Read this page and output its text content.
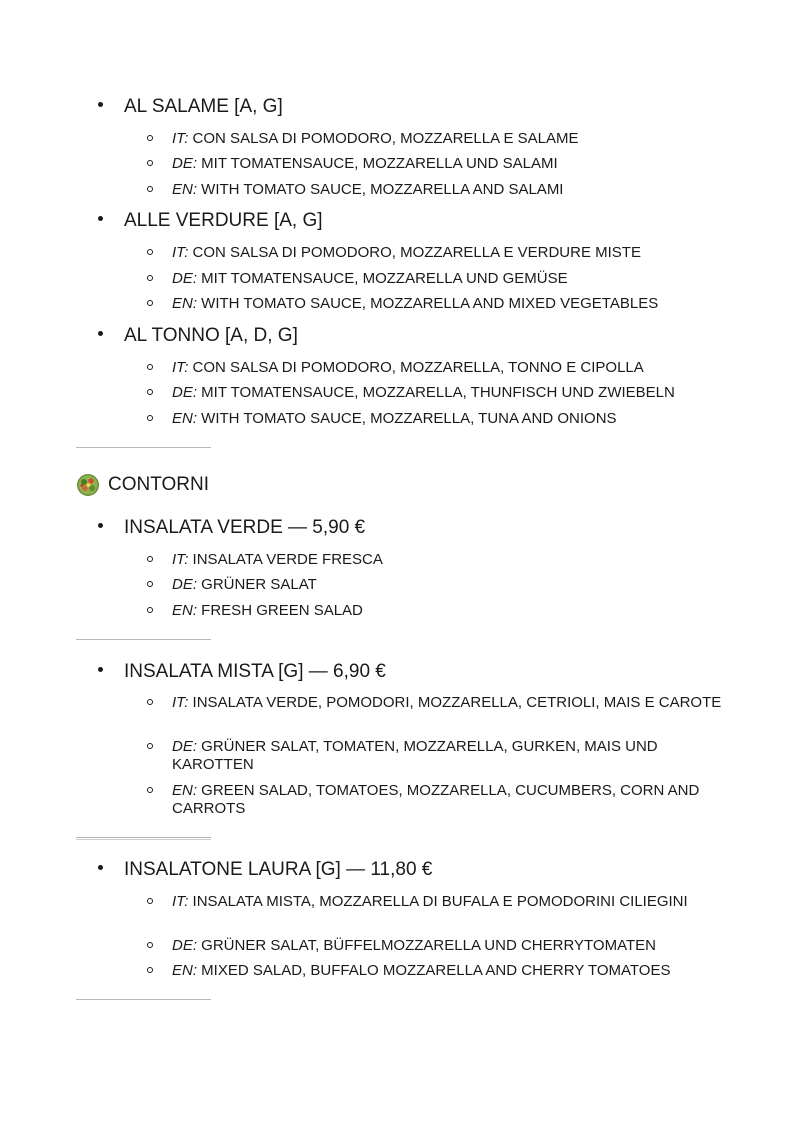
AL SALAME [A, G]
IT: CON SALSA DI POMODORO, MOZZARELLA E SALAME
DE: MIT TOMATENSAUCE, MOZZARELLA UND SALAMI
EN: WITH TOMATO SAUCE, MOZZARELLA AND SALAMI
ALLE VERDURE [A, G]
IT: CON SALSA DI POMODORO, MOZZARELLA E VERDURE MISTE
DE: MIT TOMATENSAUCE, MOZZARELLA UND GEMÜSE
EN: WITH TOMATO SAUCE, MOZZARELLA AND MIXED VEGETABLES
AL TONNO [A, D, G]
IT: CON SALSA DI POMODORO, MOZZARELLA, TONNO E CIPOLLA
DE: MIT TOMATENSAUCE, MOZZARELLA, THUNFISCH UND ZWIEBELN
EN: WITH TOMATO SAUCE, MOZZARELLA, TUNA AND ONIONS
CONTORNI
INSALATA VERDE — 5,90 €
IT: INSALATA VERDE FRESCA
DE: GRÜNER SALAT
EN: FRESH GREEN SALAD
INSALATA MISTA [G] — 6,90 €
IT: INSALATA VERDE, POMODORI, MOZZARELLA, CETRIOLI, MAIS E CAROTE
DE: GRÜNER SALAT, TOMATEN, MOZZARELLA, GURKEN, MAIS UND KAROTTEN
EN: GREEN SALAD, TOMATOES, MOZZARELLA, CUCUMBERS, CORN AND CARROTS
INSALATONE LAURA [G] — 11,80 €
IT: INSALATA MISTA, MOZZARELLA DI BUFALA E POMODORINI CILIEGINI
DE: GRÜNER SALAT, BÜFFELMOZZARELLA UND CHERRYTOMATEN
EN: MIXED SALAD, BUFFALO MOZZARELLA AND CHERRY TOMATOES
